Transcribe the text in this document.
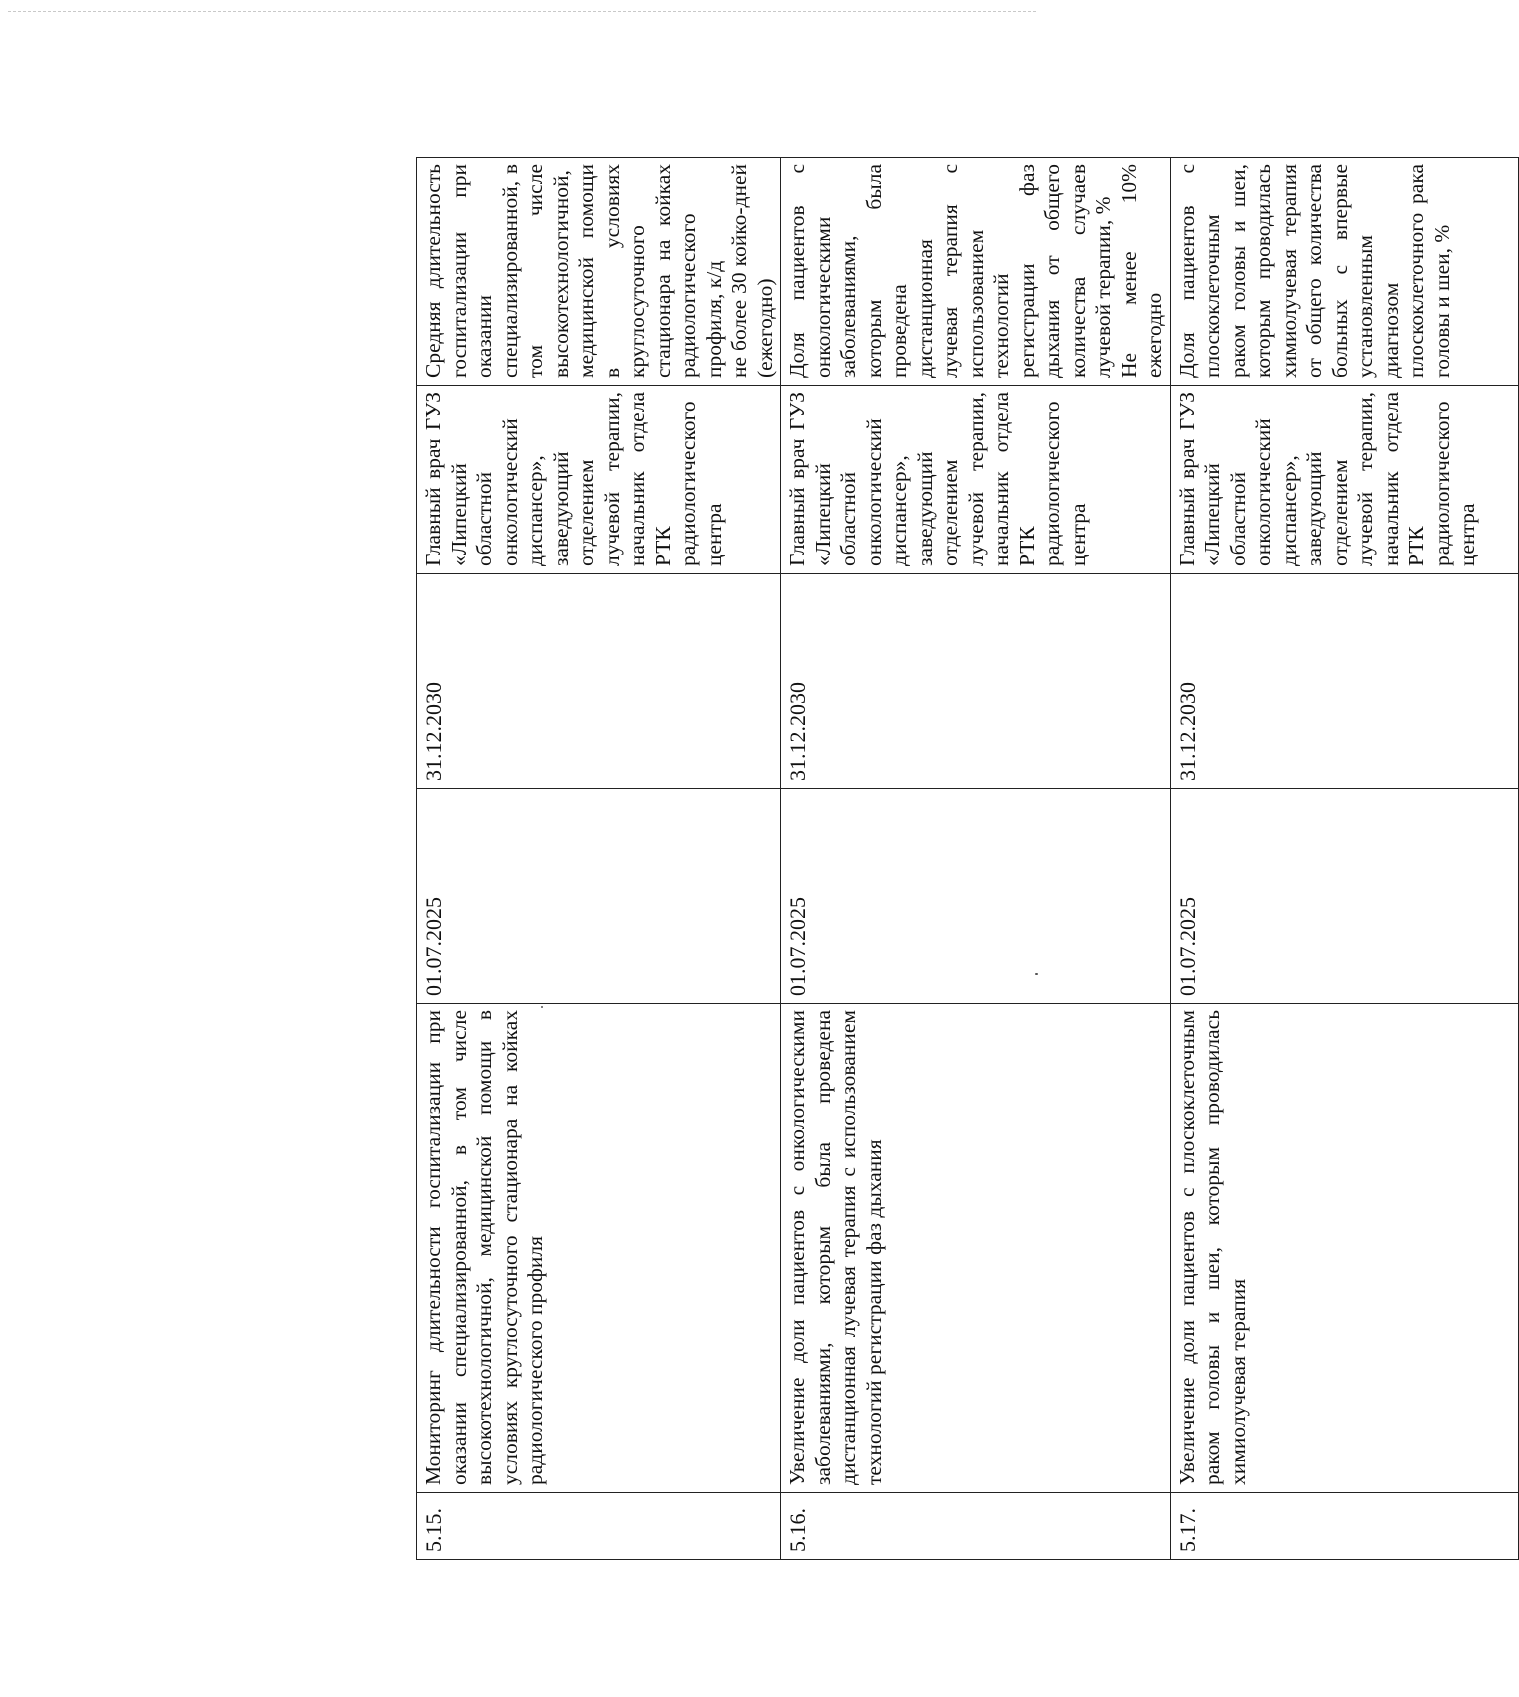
5.15.	Мониторинг длительности госпитализации при оказании специализированной, в том числе высокотехнологичной, медицинской помощи в условиях круглосуточного стационара на койках радиологического профиля	01.07.2025	31.12.2030	Главный врач ГУЗ «Липецкий областной онкологический диспансер», заведующий отделением лучевой терапии, начальник отдела РТК радиологического центра	Средняя длительность госпитализации при оказании специализированной, в том числе высокотехнологичной, медицинской помощи в условиях круглосуточного стационара на койках радиологического профиля, к/д не более 30 койко-дней (ежегодно)

5.16.	Увеличение доли пациентов с онкологическими заболеваниями, которым была проведена дистанционная лучевая терапия с использованием технологий регистрации фаз дыхания	01.07.2025	31.12.2030	Главный врач ГУЗ «Липецкий областной онкологический диспансер», заведующий отделением лучевой терапии, начальник отдела РТК радиологического центра	Доля пациентов с онкологическими заболеваниями, которым была проведена дистанционная лучевая терапия с использованием технологий регистрации фаз дыхания от общего количества случаев лучевой терапии, % Не менее 10% ежегодно

5.17.	Увеличение доли пациентов с плоскоклеточным раком головы и шеи, которым проводилась химиолучевая терапия	01.07.2025	31.12.2030	Главный врач ГУЗ «Липецкий областной онкологический диспансер», заведующий отделением лучевой терапии, начальник отдела РТК радиологического центра	Доля пациентов с плоскоклеточным раком головы и шеи, которым проводилась химиолучевая терапия от общего количества больных с впервые установленным диагнозом плоскоклеточного рака головы и шеи, %
